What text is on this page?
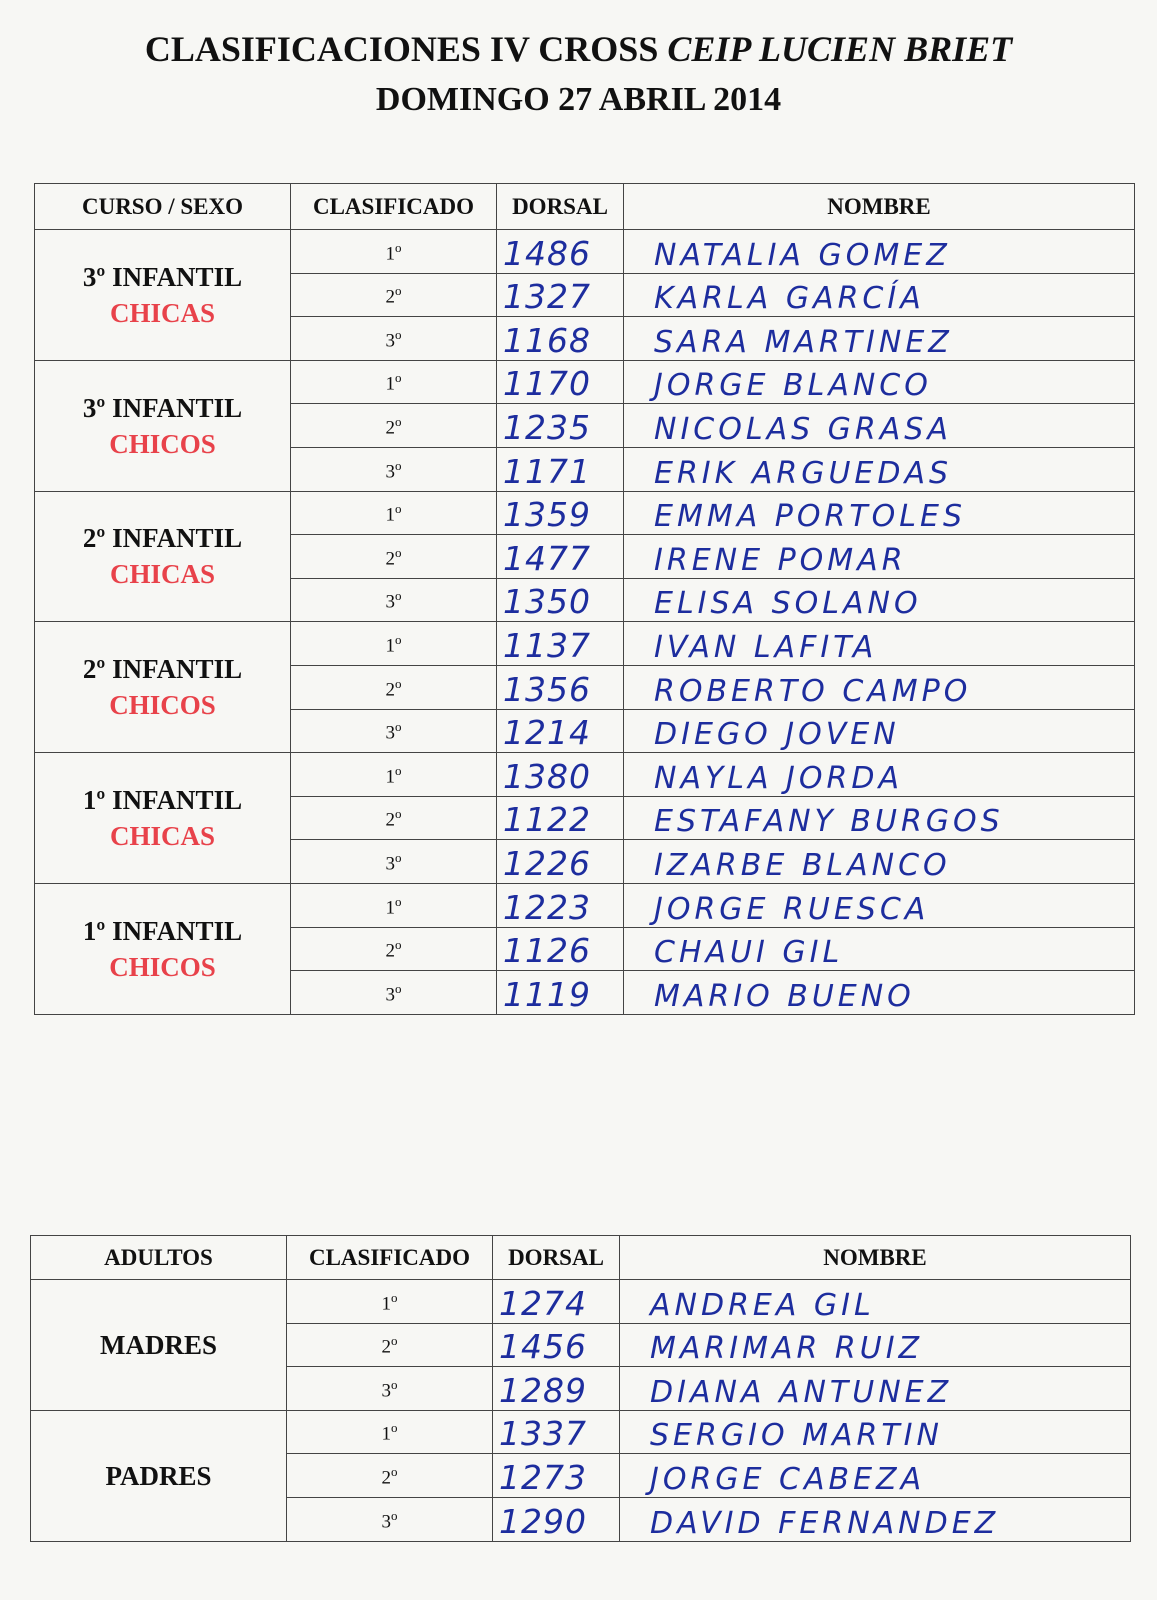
CLASIFICACIONES IV CROSS CEIP LUCIEN BRIET
DOMINGO 27 ABRIL 2014
CURSO / SEXO	CLASIFICADO	DORSAL	NOMBRE

3º INFANTIL
CHICAS	1$^o$	1486	NATALIA GOMEZ
	2$^o$	1327	KARLA GARCÍA
	3$^o$	1168	SARA MARTINEZ

3º INFANTIL
CHICOS	1$^o$	1170	JORGE BLANCO
	2$^o$	1235	NICOLAS GRASA
	3$^o$	1171	ERIK ARGUEDAS

2º INFANTIL
CHICAS	1$^o$	1359	EMMA PORTOLES
	2$^o$	1477	IRENE POMAR
	3$^o$	1350	ELISA SOLANO

2º INFANTIL
CHICOS	1$^o$	1137	IVAN LAFITA
	2$^o$	1356	ROBERTO CAMPO
	3$^o$	1214	DIEGO JOVEN

1º INFANTIL
CHICAS	1$^o$	1380	NAYLA JORDA
	2$^o$	1122	ESTAFANY BURGOS
	3$^o$	1226	IZARBE BLANCO

1º INFANTIL
CHICOS	1$^o$	1223	JORGE RUESCA
	2$^o$	1126	CHAUI GIL
	3$^o$	1119	MARIO BUENO
ADULTOS	CLASIFICADO	DORSAL	NOMBRE

MADRES	1$^o$	1274	ANDREA GIL
	2$^o$	1456	MARIMAR RUIZ
	3$^o$	1289	DIANA ANTUNEZ

PADRES	1$^o$	1337	SERGIO MARTIN
	2$^o$	1273	JORGE CABEZA
	3$^o$	1290	DAVID FERNANDEZ
